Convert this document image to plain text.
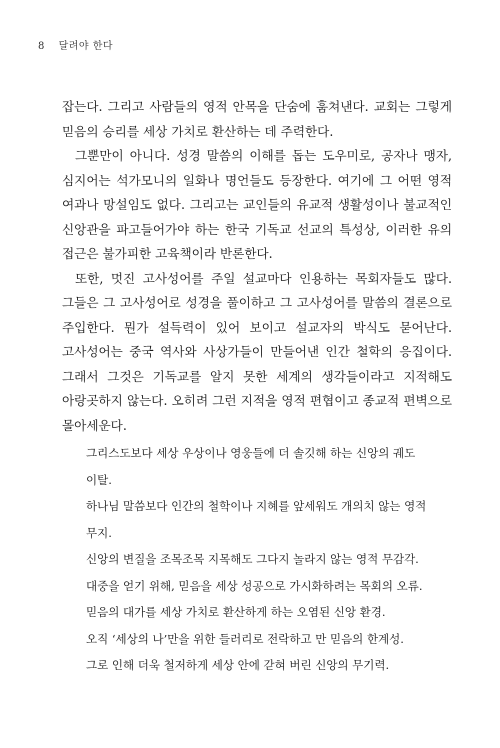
8 달려야 한다

잡는다. 그리고 사람들의 영적 안목을 단숨에 훔쳐낸다. 교회는 그렇게 믿음의 승리를 세상 가치로 환산하는 데 주력한다.

그뿐만이 아니다. 성경 말씀의 이해를 돕는 도우미로, 공자나 맹자, 심지어는 석가모니의 일화나 명언들도 등장한다. 여기에 그 어떤 영적 여과나 망설임도 없다. 그리고는 교인들의 유교적 생활성이나 불교적인 신앙관을 파고들어가야 하는 한국 기독교 선교의 특성상, 이러한 유의 접근은 불가피한 고육책이라 반론한다.

또한, 멋진 고사성어를 주일 설교마다 인용하는 목회자들도 많다. 그들은 그 고사성어로 성경을 풀이하고 그 고사성어를 말씀의 결론으로 주입한다. 뭔가 설득력이 있어 보이고 설교자의 박식도 묻어난다. 고사성어는 중국 역사와 사상가들이 만들어낸 인간 철학의 응집이다. 그래서 그것은 기독교를 알지 못한 세계의 생각들이라고 지적해도 아랑곳하지 않는다. 오히려 그런 지적을 영적 편협이고 종교적 편벽으로 몰아세운다.

그리스도보다 세상 우상이나 영웅들에 더 솔깃해 하는 신앙의 궤도 이탈.

하나님 말씀보다 인간의 철학이나 지혜를 앞세워도 개의치 않는 영적 무지.

신앙의 변질을 조목조목 지목해도 그다지 놀라지 않는 영적 무감각.

대중을 얻기 위해, 믿음을 세상 성공으로 가시화하려는 목회의 오류.

믿음의 대가를 세상 가치로 환산하게 하는 오염된 신앙 환경.

오직 ‘세상의 나’만을 위한 들러리로 전락하고 만 믿음의 한계성.

그로 인해 더욱 철저하게 세상 안에 갇혀 버린 신앙의 무기력.
